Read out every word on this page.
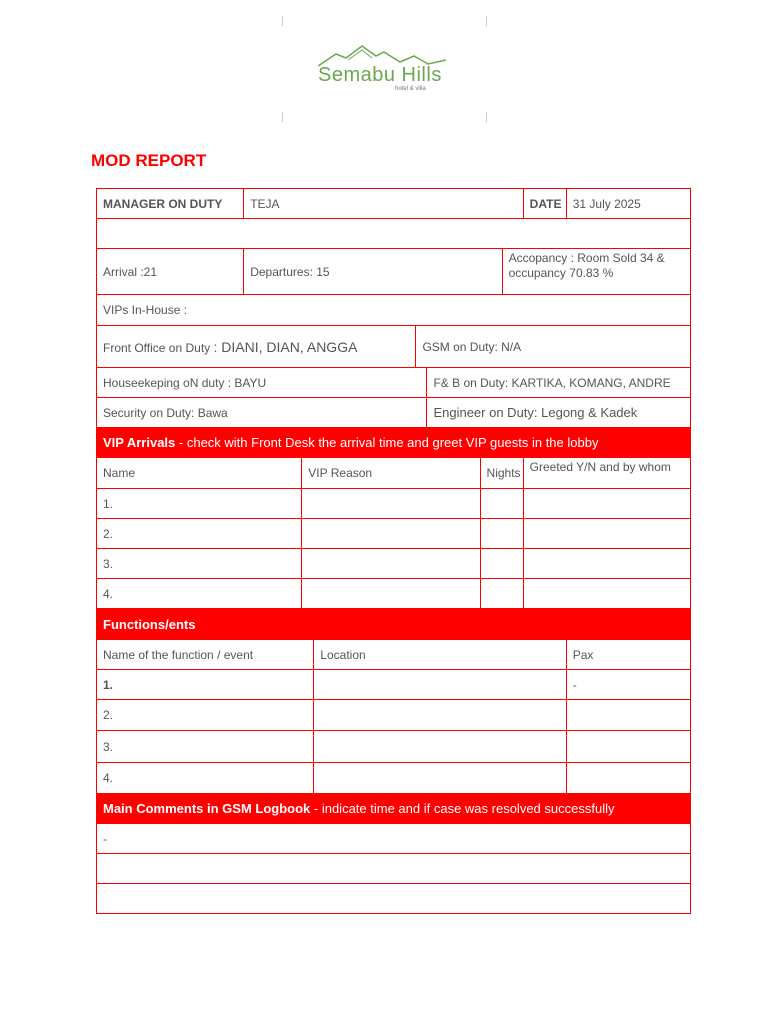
Semabu Hills
hotel & villa
MOD REPORT
MANAGER ON DUTY	TEJA							DATE	31 July 2025

Arrival :21	Departures: 15						Accopancy : Room Sold 34 & occupancy 70.83 %		
VIPs In-House :									
Front Office on Duty : DIANI, DIAN, ANGGA				GSM on Duty: N/A					
Houseekeping oN duty : BAYU					F& B on Duty: KARTIKA, KOMANG, ANDRE				
Security on Duty: Bawa					Engineer on Duty: Legong & Kadek				
VIP Arrivals - check with Front Desk the arrival time and greet VIP guests in the lobby									
Name		VIP Reason				Nights		Greeted Y/N and by whom	
1.									
2.									
3.									
4.									
Functions/ents									
Name of the function / event			Location						Pax
1.									-
2.									
3.									
4.									
Main Comments in GSM Logbook - indicate time and if case was resolved successfully									
-									
